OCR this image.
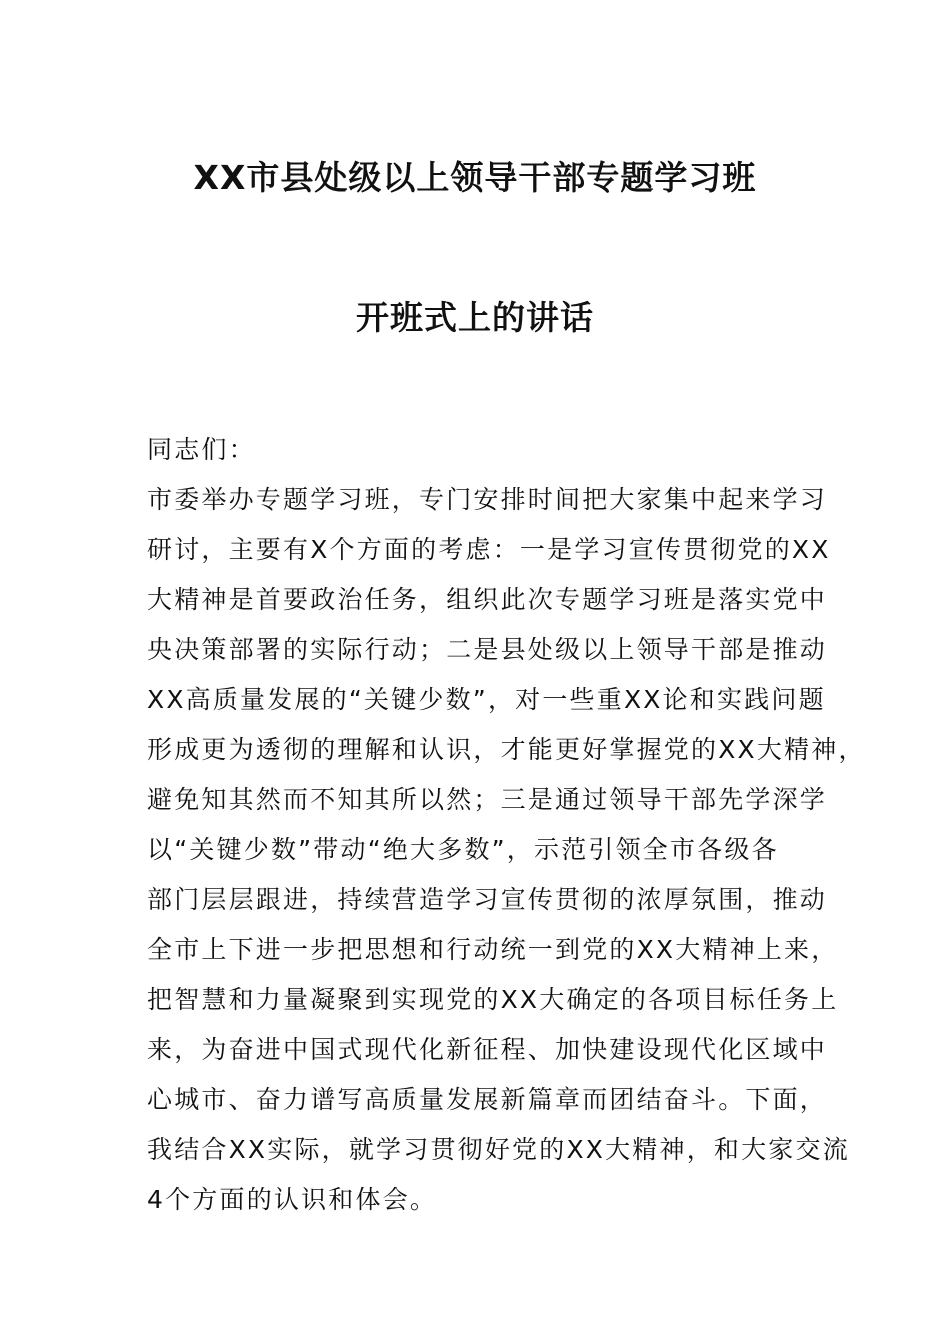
XX市县处级以上领导干部专题学习班
开班式上的讲话
同志们：
市委举办专题学习班，专门安排时间把大家集中起来学习
研讨，主要有X个方面的考虑：一是学习宣传贯彻党的XX
大精神是首要政治任务，组织此次专题学习班是落实党中
央决策部署的实际行动；二是县处级以上领导干部是推动
XX高质量发展的“关键少数”，对一些重XX论和实践问题
形成更为透彻的理解和认识，才能更好掌握党的XX大精神，
避免知其然而不知其所以然；三是通过领导干部先学深学
以“关键少数”带动“绝大多数”，示范引领全市各级各
部门层层跟进，持续营造学习宣传贯彻的浓厚氛围，推动
全市上下进一步把思想和行动统一到党的XX大精神上来，
把智慧和力量凝聚到实现党的XX大确定的各项目标任务上
来，为奋进中国式现代化新征程、加快建设现代化区域中
心城市、奋力谱写高质量发展新篇章而团结奋斗。下面，
我结合XX实际，就学习贯彻好党的XX大精神，和大家交流
4个方面的认识和体会。
